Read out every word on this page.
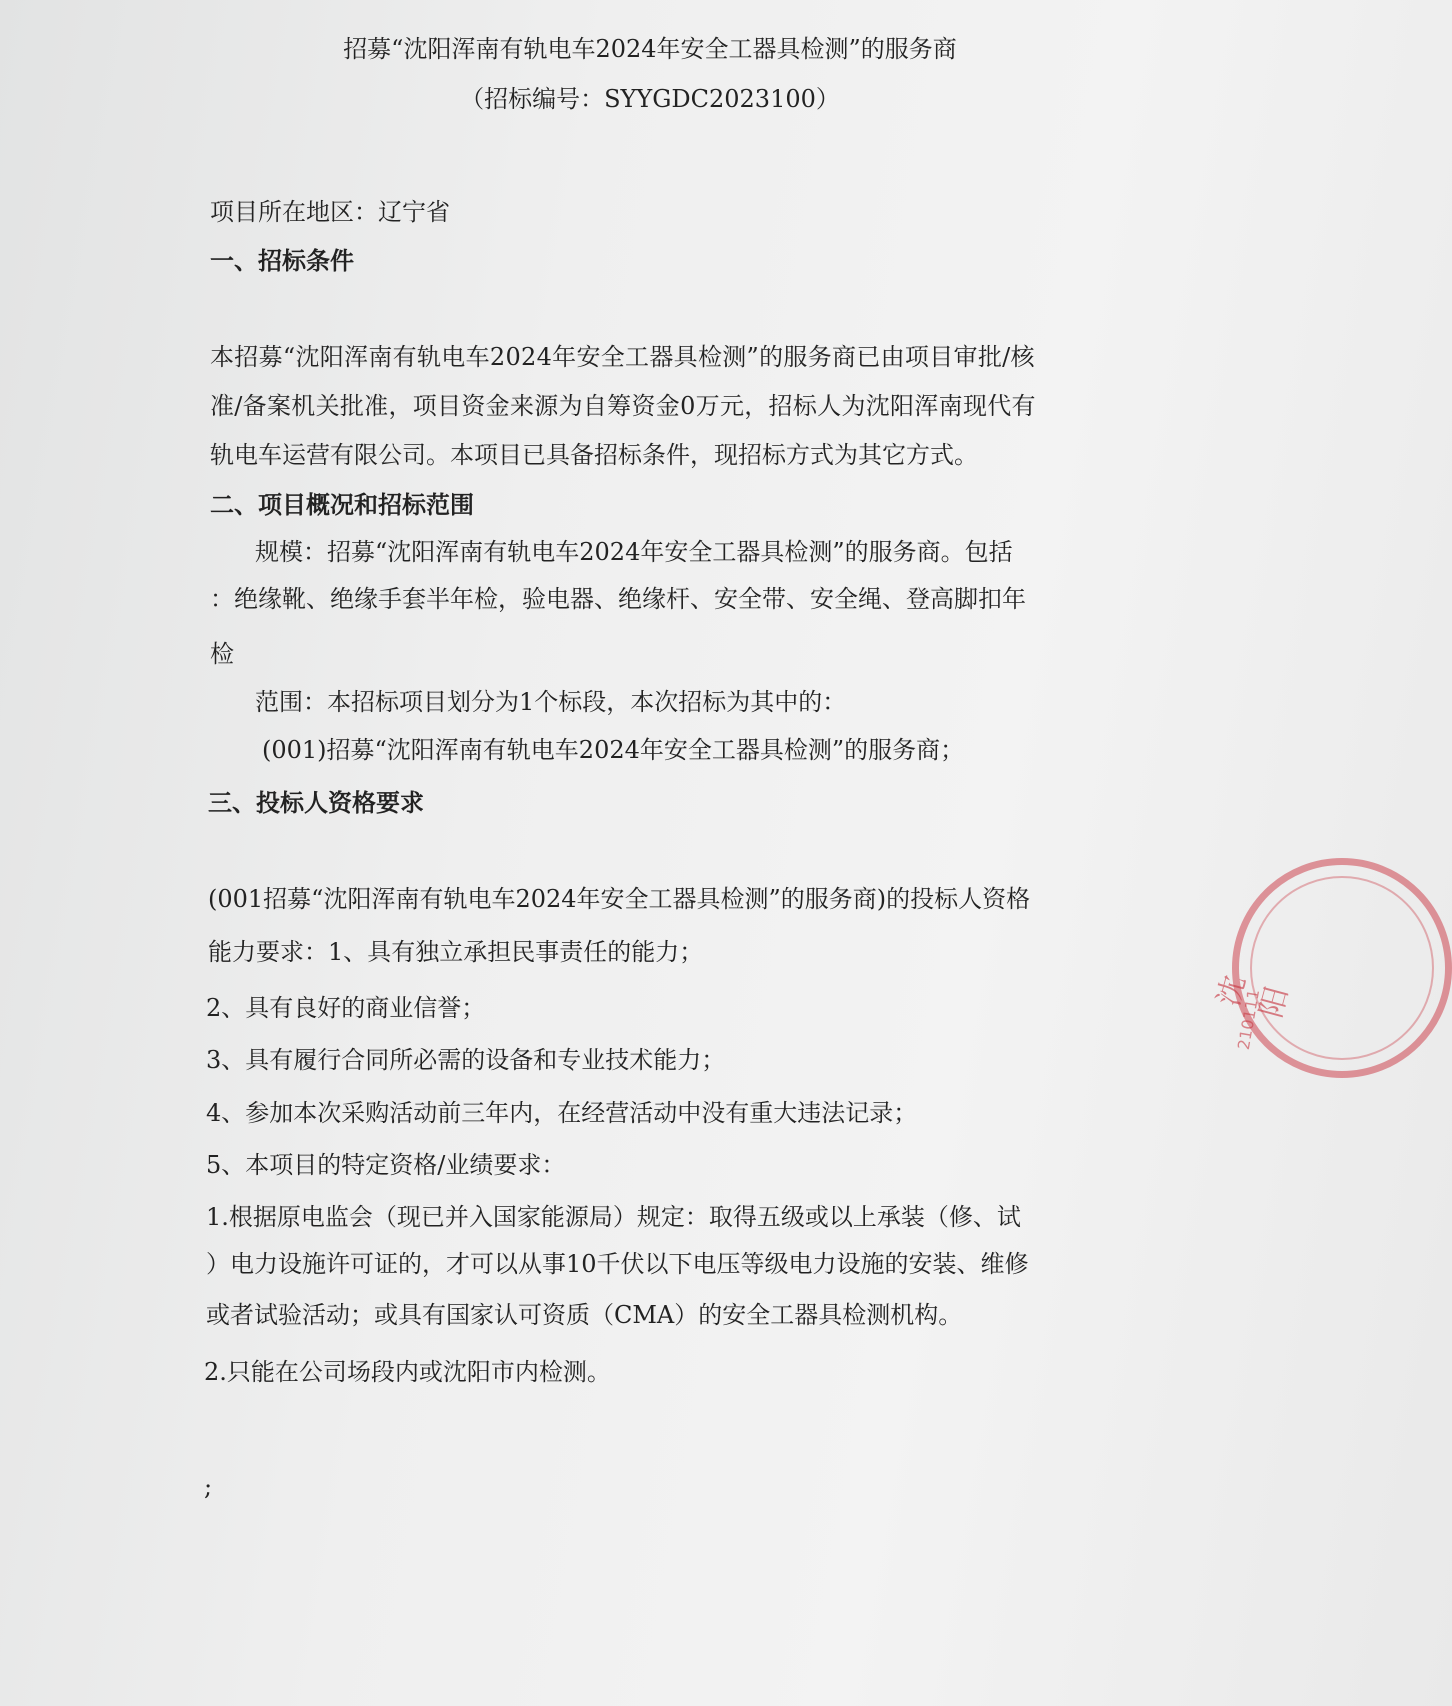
招募“沈阳浑南有轨电车2024年安全工器具检测”的服务商
（招标编号：SYYGDC2023100）
项目所在地区：辽宁省
一、招标条件
本招募“沈阳浑南有轨电车2024年安全工器具检测”的服务商已由项目审批/核
准/备案机关批准，项目资金来源为自筹资金0万元，招标人为沈阳浑南现代有
轨电车运营有限公司。本项目已具备招标条件，现招标方式为其它方式。
二、项目概况和招标范围
规模：招募“沈阳浑南有轨电车2024年安全工器具检测”的服务商。包括
：绝缘靴、绝缘手套半年检，验电器、绝缘杆、安全带、安全绳、登高脚扣年
检
范围：本招标项目划分为1个标段，本次招标为其中的：
(001)招募“沈阳浑南有轨电车2024年安全工器具检测”的服务商；
三、投标人资格要求
(001招募“沈阳浑南有轨电车2024年安全工器具检测”的服务商)的投标人资格
能力要求：1、具有独立承担民事责任的能力；
2、具有良好的商业信誉；
3、具有履行合同所必需的设备和专业技术能力；
4、参加本次采购活动前三年内，在经营活动中没有重大违法记录；
5、本项目的特定资格/业绩要求：
1.根据原电监会（现已并入国家能源局）规定：取得五级或以上承装（修、试
）电力设施许可证的，才可以从事10千伏以下电压等级电力设施的安装、维修
或者试验活动；或具有国家认可资质（CMA）的安全工器具检测机构。
2.只能在公司场段内或沈阳市内检测。
;
沈阳
210111
